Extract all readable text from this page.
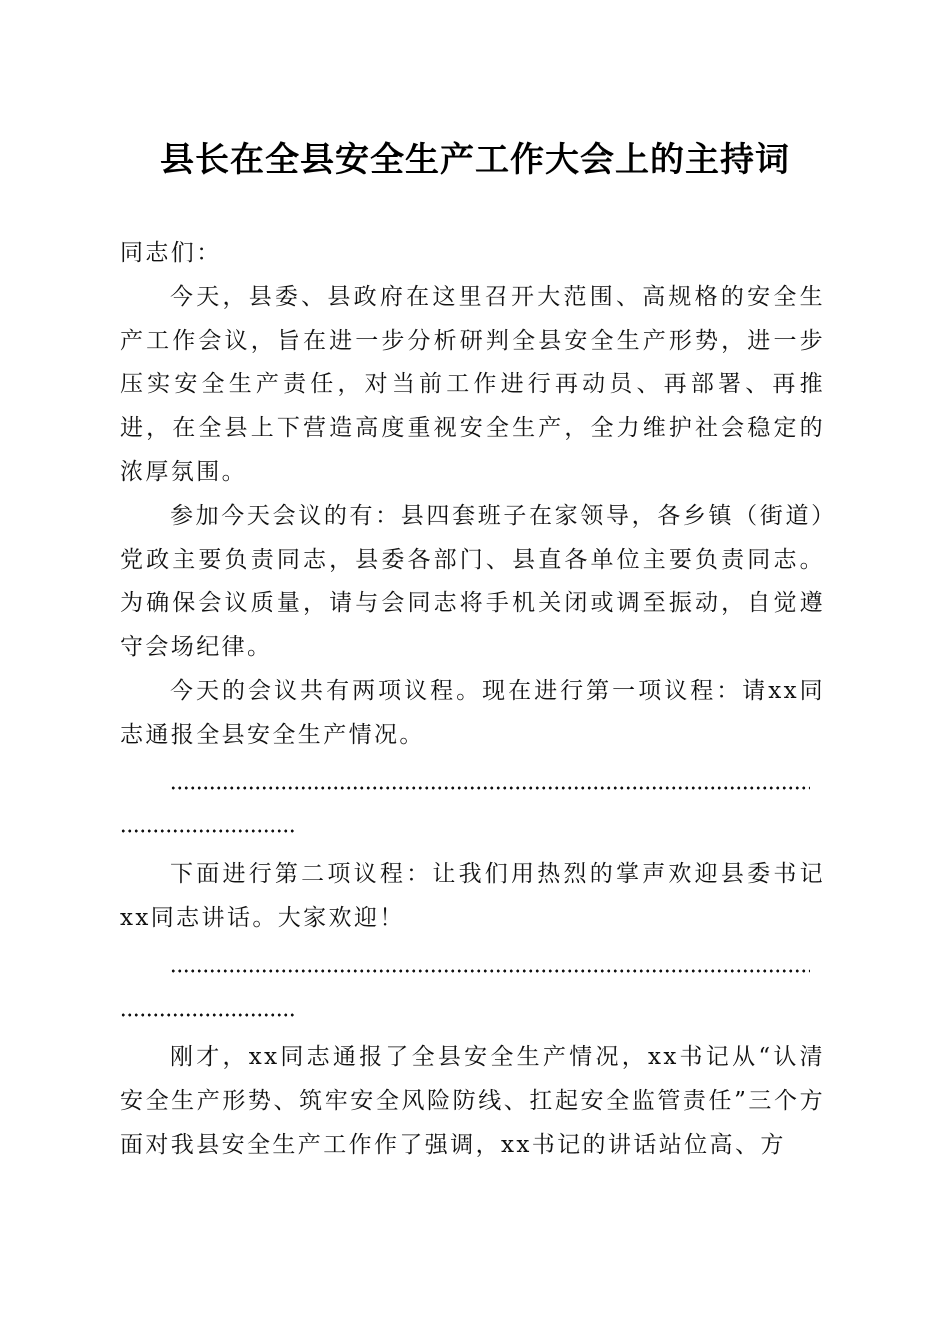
县长在全县安全生产工作大会上的主持词

同志们：

今天，县委、县政府在这里召开大范围、高规格的安全生产工作会议，旨在进一步分析研判全县安全生产形势，进一步压实安全生产责任，对当前工作进行再动员、再部署、再推进，在全县上下营造高度重视安全生产，全力维护社会稳定的浓厚氛围。

参加今天会议的有：县四套班子在家领导，各乡镇（街道）党政主要负责同志，县委各部门、县直各单位主要负责同志。为确保会议质量，请与会同志将手机关闭或调至振动，自觉遵守会场纪律。

今天的会议共有两项议程。现在进行第一项议程：请xx同志通报全县安全生产情况。

下面进行第二项议程：让我们用热烈的掌声欢迎县委书记xx同志讲话。大家欢迎！

刚才，xx同志通报了全县安全生产情况，xx书记从“认清安全生产形势、筑牢安全风险防线、扛起安全监管责任”三个方面对我县安全生产工作作了强调，xx书记的讲话站位高、方
